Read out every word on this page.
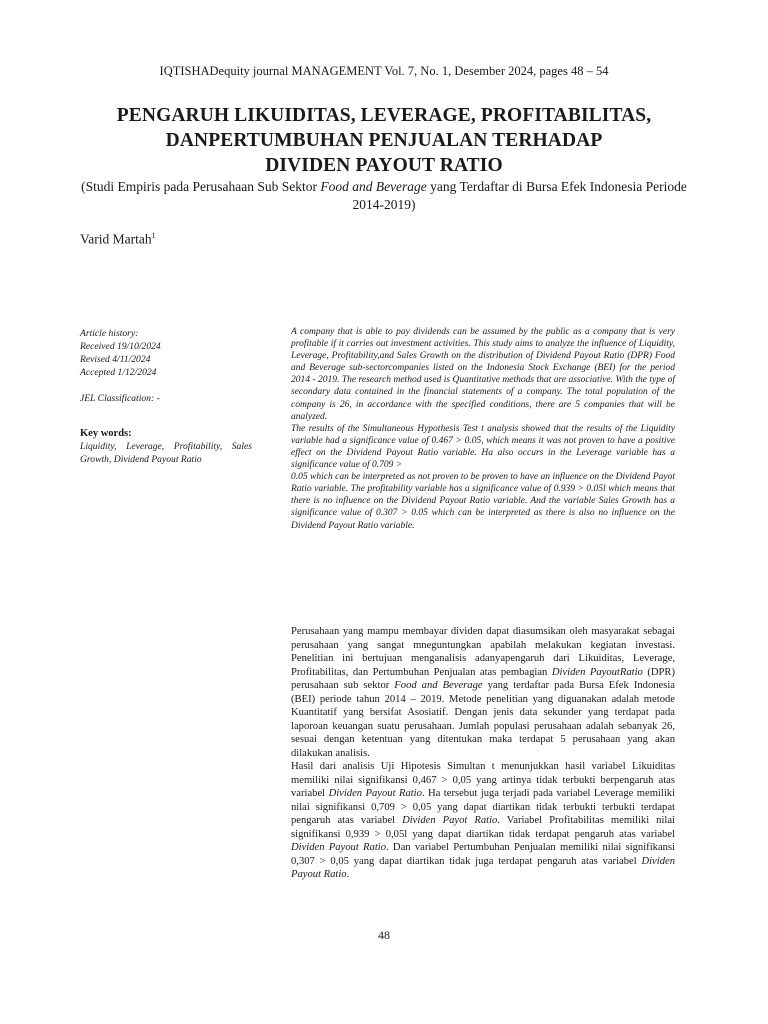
IQTISHADequity journal MANAGEMENT Vol. 7, No. 1, Desember 2024, pages 48 – 54
PENGARUH LIKUIDITAS, LEVERAGE, PROFITABILITAS,
DANPERTUMBUHAN PENJUALAN TERHADAP
DIVIDEN PAYOUT RATIO
(Studi Empiris pada Perusahaan Sub Sektor Food and Beverage yang Terdaftar di Bursa Efek Indonesia Periode 2014-2019)
Varid Martah$^1$
Article history:
Received 19/10/2024
Revised 4/11/2024
Accepted 1/12/2024
JEL Classification: -
Key words:
Liquidity, Leverage, Profitability, Sales Growth, Dividend Payout Ratio

A company that is able to pay dividends can be assumed by the public as a company that is very profitable if it carries out investment activities. This study aims to analyze the influence of Liquidity, Leverage, Profitability,and Sales Growth on the distribution of Dividend Payout Ratio (DPR) Food and Beverage sub-sectorcompanies listed on the Indonesia Stock Exchange (BEI) for the period 2014 - 2019. The research method used is Quantitative methods that are associative. With the type of secondary data contained in the financial statements of a company. The total population of the company is 26, in accordance with the specified conditions, there are 5 companies that will be analyzed.

The results of the Simultaneous Hypothesis Test t analysis showed that the results of the Liquidity variable had a significance value of 0.467 > 0.05, which means it was not proven to have a positive effect on the Dividend Payout Ratio variable. Ha also occurs in the Leverage variable has a significance value of 0.709 >

0.05 which can be interpreted as not proven to be proven to have an influence on the Dividend Payot Ratio variable. The profitability variable has a significance value of 0.939 > 0.05l which means that there is no influence on the Dividend Payout Ratio variable. And the variable Sales Growth has a significance value of 0.307 > 0.05 which can be interpreted as there is also no influence on the Dividend Payout Ratio variable.

Perusahaan yang mampu membayar dividen dapat diasumsikan oleh masyarakat sebagai perusahaan yang sangat mneguntungkan apabilah melakukan kegiatan investasi. Penelitian ini bertujuan menganalisis adanyapengaruh dari Likuiditas, Leverage, Profitabilitas, dan Pertumbuhan Penjualan atas pembagian Dividen PayoutRatio (DPR) perusahaan sub sektor Food and Beverage yang terdaftar pada Bursa Efek Indonesia (BEI) periode tahun 2014 – 2019. Metode penelitian yang diguanakan adalah metode Kuantitatif yang bersifat Asosiatif. Dengan jenis data sekunder yang terdapat pada laporoan keuangan suatu perusahaan. Jumlah populasi perusahaan adalah sebanyak 26, sesuai dengan ketentuan yang ditentukan maka terdapat 5 perusahaan yang akan dilakukan analisis.

Hasil dari analisis Uji Hipotesis Simultan t menunjukkan hasil variabel Likuiditas memiliki nilai signifikansi 0,467 > 0,05 yang artinya tidak terbukti berpengaruh atas variabel Dividen Payout Ratio. Ha tersebut juga terjadi pada variabel Leverage memiliki nilai signifikansi 0,709 > 0,05 yang dapat diartikan tidak terbukti terbukti terdapat pengaruh atas variabel Dividen Payot Ratio. Variabel Profitabilitas memiliki nilai signifikansi 0,939 > 0,05l yang dapat diartikan tidak terdapat pengaruh atas variabel Dividen Payout Ratio. Dan variabel Pertumbuhan Penjualan memiliki nilai signifikansi 0,307 > 0,05 yang dapat diartikan tidak juga terdapat pengaruh atas variabel Dividen Payout Ratio.

48
